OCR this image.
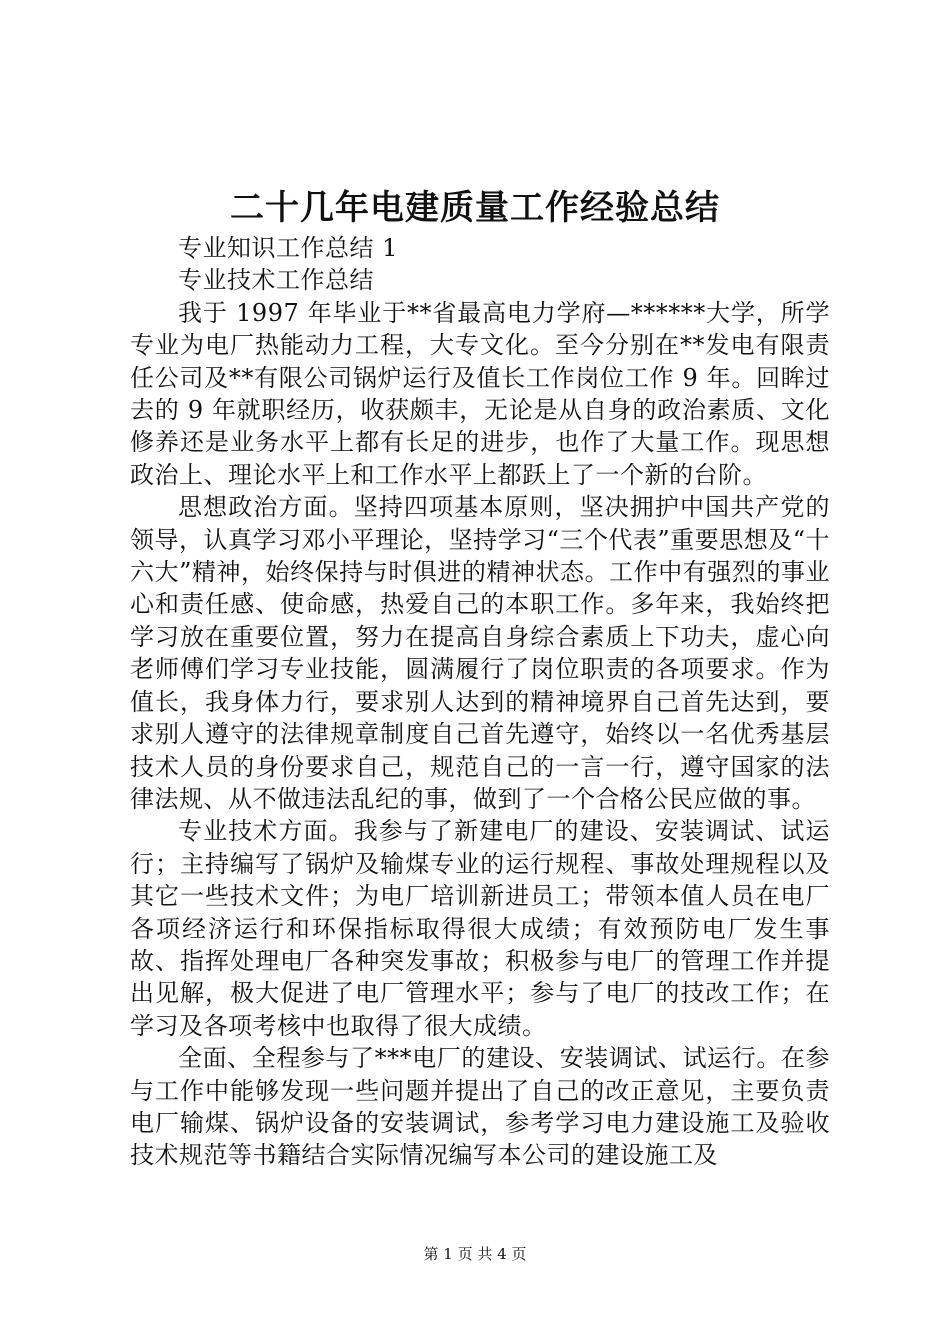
二十几年电建质量工作经验总结

专业知识工作总结 1

专业技术工作总结

我于 1997 年毕业于**省最高电力学府—******大学，所学专业为电厂热能动力工程，大专文化。至今分别在**发电有限责任公司及**有限公司锅炉运行及值长工作岗位工作 9 年。回眸过去的 9 年就职经历，收获颇丰，无论是从自身的政治素质、文化修养还是业务水平上都有长足的进步，也作了大量工作。现思想政治上、理论水平上和工作水平上都跃上了一个新的台阶。

思想政治方面。坚持四项基本原则，坚决拥护中国共产党的领导，认真学习邓小平理论，坚持学习“三个代表”重要思想及“十六大”精神，始终保持与时俱进的精神状态。工作中有强烈的事业心和责任感、使命感，热爱自己的本职工作。多年来，我始终把学习放在重要位置，努力在提高自身综合素质上下功夫，虚心向老师傅们学习专业技能，圆满履行了岗位职责的各项要求。作为值长，我身体力行，要求别人达到的精神境界自己首先达到，要求别人遵守的法律规章制度自己首先遵守，始终以一名优秀基层技术人员的身份要求自己，规范自己的一言一行，遵守国家的法律法规、从不做违法乱纪的事，做到了一个合格公民应做的事。

专业技术方面。我参与了新建电厂的建设、安装调试、试运行；主持编写了锅炉及输煤专业的运行规程、事故处理规程以及其它一些技术文件；为电厂培训新进员工；带领本值人员在电厂各项经济运行和环保指标取得很大成绩；有效预防电厂发生事故、指挥处理电厂各种突发事故；积极参与电厂的管理工作并提出见解，极大促进了电厂管理水平；参与了电厂的技改工作；在学习及各项考核中也取得了很大成绩。

全面、全程参与了***电厂的建设、安装调试、试运行。在参与工作中能够发现一些问题并提出了自己的改正意见，主要负责电厂输煤、锅炉设备的安装调试，参考学习电力建设施工及验收技术规范等书籍结合实际情况编写本公司的建设施工及

第 1 页 共 4 页
